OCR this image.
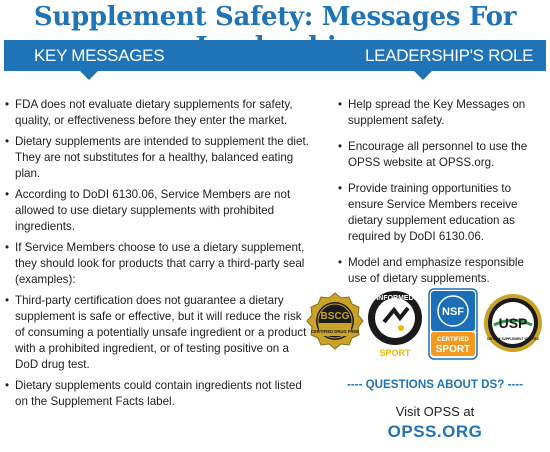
Supplement Safety: Messages For
KEY MESSAGES	LEADERSHIP'S ROLE
• FDA does not evaluate dietary supplements for safety, quality, or effectiveness before they enter the market.
• Dietary supplements are intended to supplement the diet. They are not substitutes for a healthy, balanced eating plan.
• According to DoDI 6130.06, Service Members are not allowed to use dietary supplements with prohibited ingredients.
• If Service Members choose to use a dietary supplement, they should look for products that carry a third-party seal (examples):
• Third-party certification does not guarantee a dietary supplement is safe or effective, but it will reduce the risk of consuming a potentially unsafe ingredient or a product with a prohibited ingredient, or of testing positive on a DoD drug test.
• Dietary supplements could contain ingredients not listed on the Supplement Facts label.
• Help spread the Key Messages on supplement safety.
• Encourage all personnel to use the OPSS website at OPSS.org.
• Provide training opportunities to ensure Service Members receive dietary supplement education as required by DoDI 6130.06.
• Model and emphasize responsible use of dietary supplements.
BSCG
CERTIFIED DRUG FREE
INFORMED
SPORT
NSF
CERTIFIED
SPORT
USP
DIETARY SUPPLEMENT VERIFIED
---- QUESTIONS ABOUT DS? ----
Visit OPSS at
OPSS.ORG
